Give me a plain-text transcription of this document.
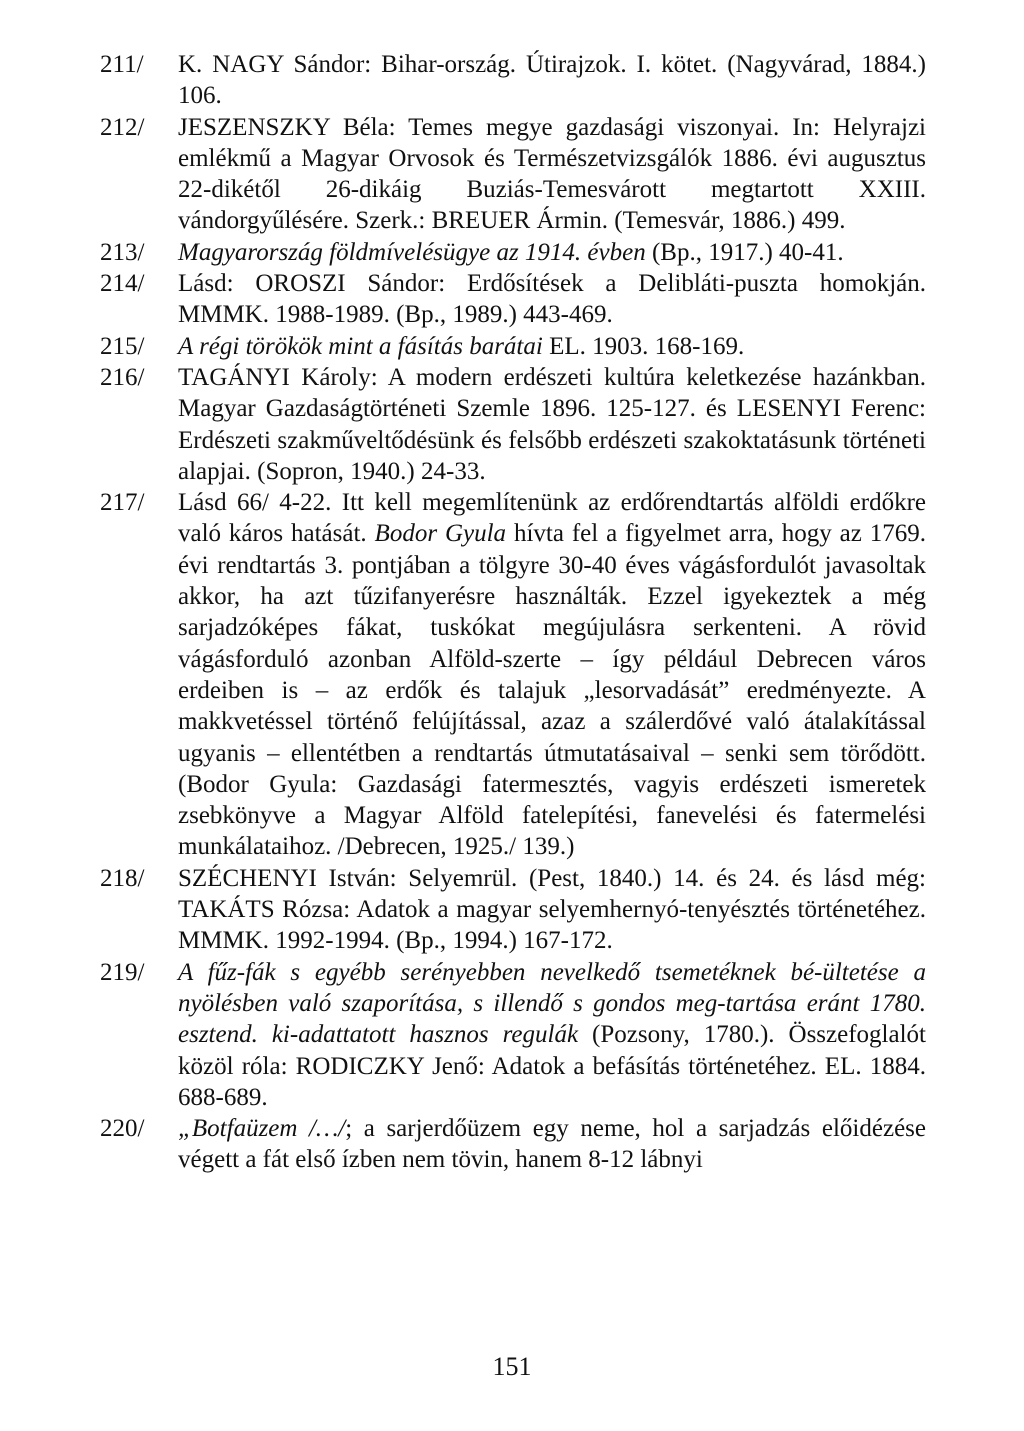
211/	K. NAGY Sándor: Bihar-ország. Útirajzok. I. kötet. (Nagyvárad, 1884.) 106.
212/	JESZENSZKY Béla: Temes megye gazdasági viszonyai. In: Helyrajzi emlékmű a Magyar Orvosok és Természetvizsgálók 1886. évi augusztus 22-dikétől 26-dikáig Buziás-Temesvárott megtartott XXIII. vándorgyűlésére. Szerk.: BREUER Ármin. (Temesvár, 1886.) 499.
213/	Magyarország földmívelésügye az 1914. évben (Bp., 1917.) 40-41.
214/	Lásd: OROSZI Sándor: Erdősítések a Delibláti-puszta homokján. MMMK. 1988-1989. (Bp., 1989.) 443-469.
215/	A régi törökök mint a fásítás barátai EL. 1903. 168-169.
216/	TAGÁNYI Károly: A modern erdészeti kultúra keletkezése hazánkban. Magyar Gazdaságtörténeti Szemle 1896. 125-127. és LESENYI Ferenc: Erdészeti szakműveltődésünk és felsőbb erdészeti szakoktatásunk történeti alapjai. (Sopron, 1940.) 24-33.
217/	Lásd 66/ 4-22. Itt kell megemlítenünk az erdőrendtartás alföldi erdőkre való káros hatását. Bodor Gyula hívta fel a figyelmet arra, hogy az 1769. évi rendtartás 3. pontjában a tölgyre 30-40 éves vágásfordulót javasoltak akkor, ha azt tűzifanyerésre használták. Ezzel igyekeztek a még sarjadzóképes fákat, tuskókat megújulásra serkenteni. A rövid vágásforduló azonban Alföld-szerte – így például Debrecen város erdeiben is – az erdők és talajuk „lesorvadását” eredményezte. A makkvetéssel történő felújítással, azaz a szálerdővé való átalakítással ugyanis – ellentétben a rendtartás útmutatásaival – senki sem törődött. (Bodor Gyula: Gazdasági fatermesztés, vagyis erdészeti ismeretek zsebkönyve a Magyar Alföld fatelepítési, fanevelési és fatermelési munkálataihoz. /Debrecen, 1925./ 139.)
218/	SZÉCHENYI István: Selyemrül. (Pest, 1840.) 14. és 24. és lásd még: TAKÁTS Rózsa: Adatok a magyar selyemhernyó-tenyésztés történetéhez. MMMK. 1992-1994. (Bp., 1994.) 167-172.
219/	A fűz-fák s egyébb serényebben nevelkedő tsemetéknek bé-ültetése a nyölésben való szaporítása, s illendő s gondos meg-tartása eránt 1780. esztend. ki-adattatott hasznos regulák (Pozsony, 1780.). Összefoglalót közöl róla: RODICZKY Jenő: Adatok a befásítás történetéhez. EL. 1884. 688-689.
220/	„Botfaüzem /…/; a sarjerdőüzem egy neme, hol a sarjadzás előidézése végett a fát első ízben nem tövin, hanem 8-12 lábnyi
151
